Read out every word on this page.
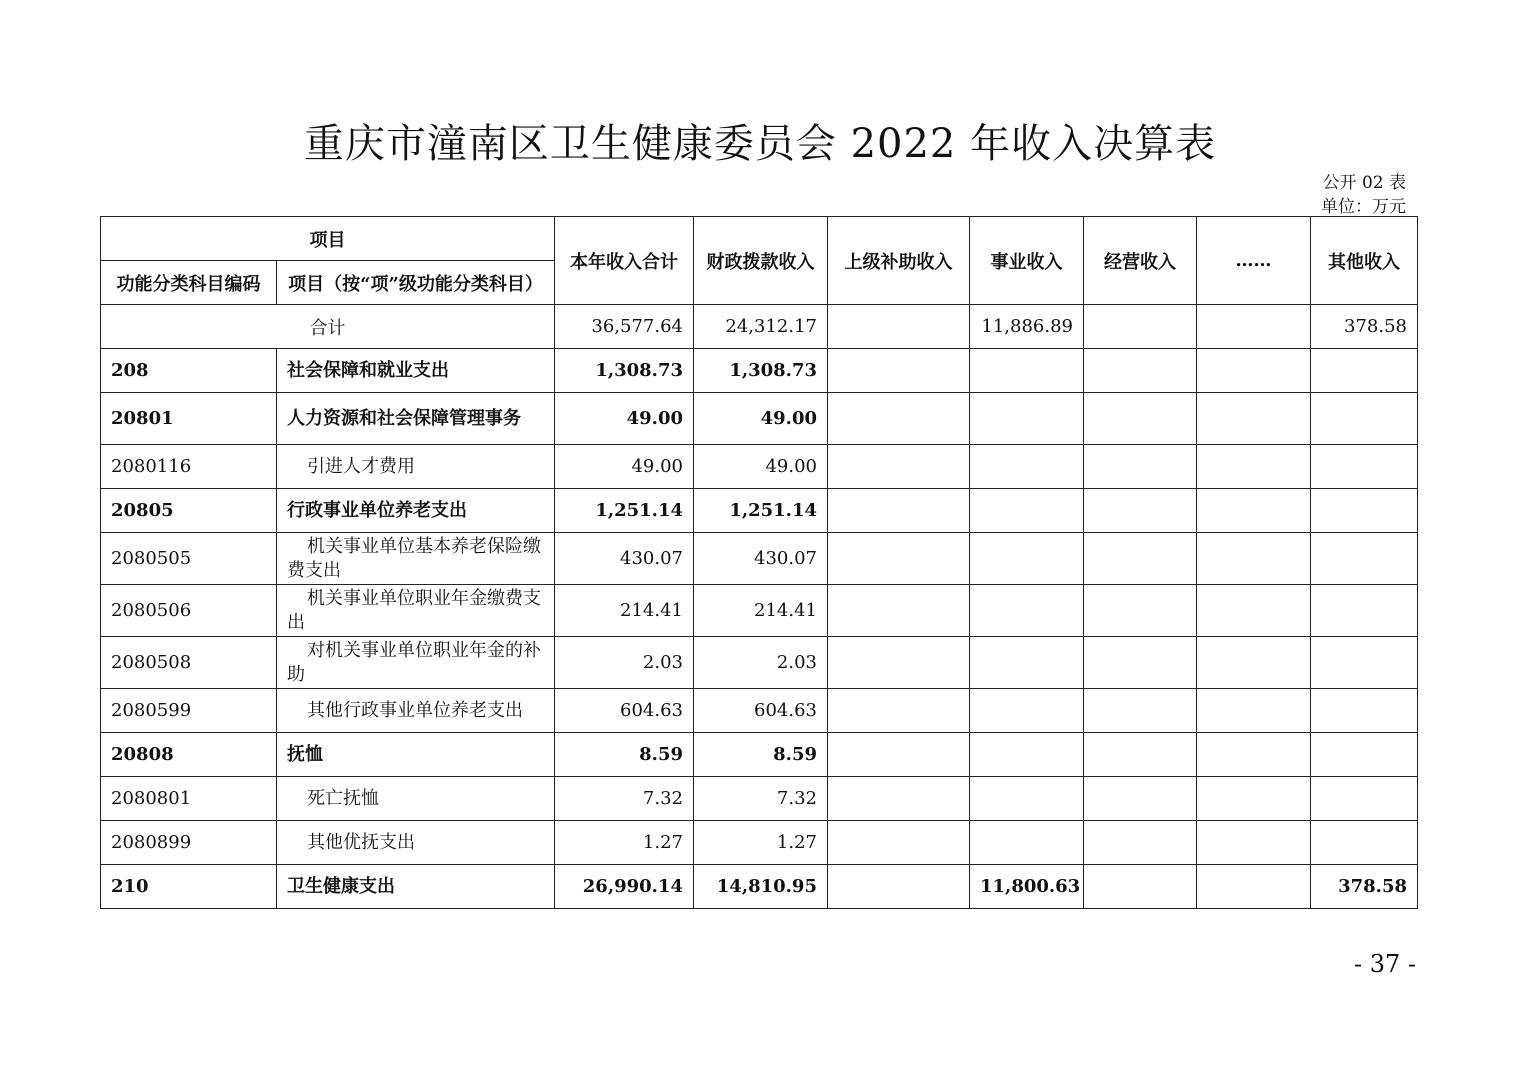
重庆市潼南区卫生健康委员会 2022 年收入决算表
公开 02 表
单位：万元
项目		本年收入合计	财政拨款收入	上级补助收入	事业收入	经营收入	……	其他收入
功能分类科目编码	项目（按“项”级功能分类科目）							
合计		36,577.64	24,312.17		11,886.89			378.58
208	社会保障和就业支出	1,308.73	1,308.73					
20801	人力资源和社会保障管理事务	49.00	49.00					
2080116	引进人才费用	49.00	49.00					
20805	行政事业单位养老支出	1,251.14	1,251.14					
2080505	机关事业单位基本养老保险缴费支出	430.07	430.07					
2080506	机关事业单位职业年金缴费支出	214.41	214.41					
2080508	对机关事业单位职业年金的补助	2.03	2.03					
2080599	其他行政事业单位养老支出	604.63	604.63					
20808	抚恤	8.59	8.59					
2080801	死亡抚恤	7.32	7.32					
2080899	其他优抚支出	1.27	1.27					
210	卫生健康支出	26,990.14	14,810.95		11,800.63			378.58
- 37 -
